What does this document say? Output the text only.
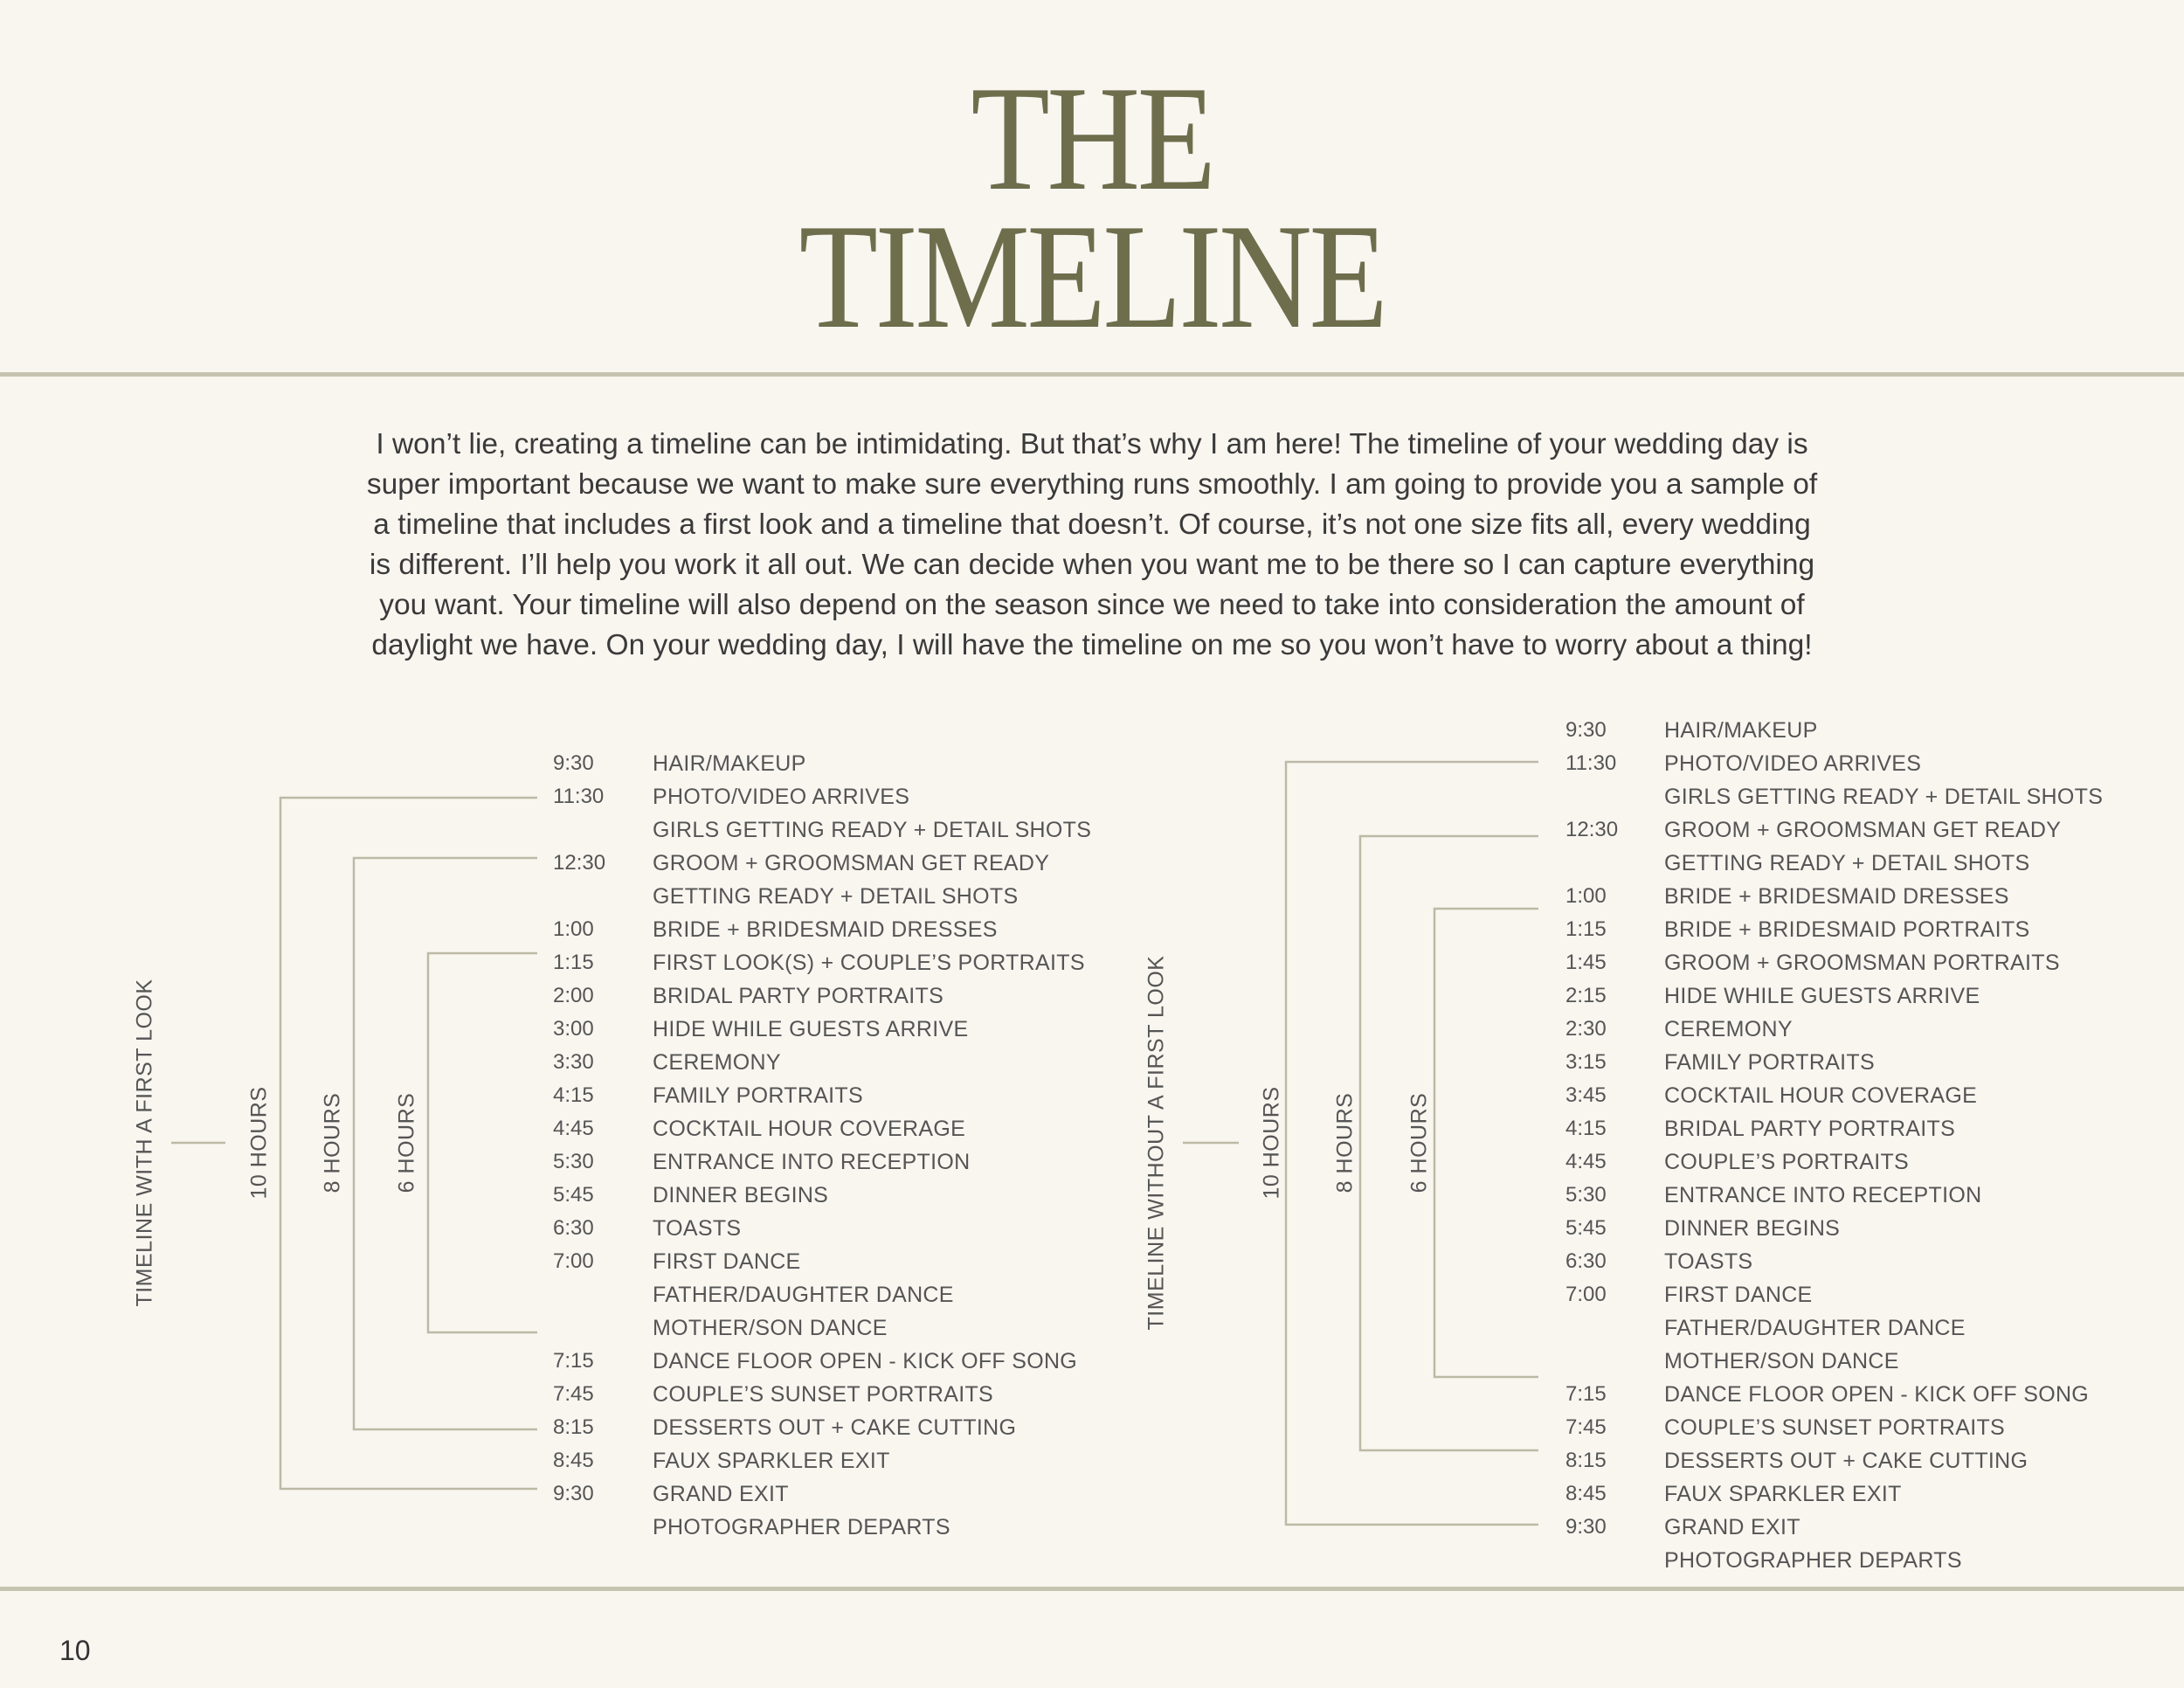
THE
TIMELINE

I won’t lie, creating a timeline can be intimidating. But that’s why I am here! The timeline of your wedding day is
super important because we want to make sure everything runs smoothly. I am going to provide you a sample of
a timeline that includes a first look and a timeline that doesn’t. Of course, it’s not one size fits all, every wedding
is different. I’ll help you work it all out. We can decide when you want me to be there so I can capture everything
you want. Your timeline will also depend on the season since we need to take into consideration the amount of
daylight we have. On your wedding day, I will have the timeline on me so you won’t have to worry about a thing!

TIMELINE WITH A FIRST LOOK	10 HOURS 8 HOURS 6 HOURS	TIMELINE WITHOUT A FIRST LOOK	10 HOURS 8 HOURS 6 HOURS
9:30	HAIR/MAKEUP
11:30 PHOTO/VIDEO ARRIVES
GIRLS GETTING READY + DETAIL SHOTS
12:30 GROOM + GROOMSMAN GET READY
GETTING READY + DETAIL SHOTS
1:00	BRIDE + BRIDESMAID DRESSES
1:15	FIRST LOOK(S) + COUPLE’S PORTRAITS
2:00	BRIDAL PARTY PORTRAITS
3:00	HIDE WHILE GUESTS ARRIVE
3:30	CEREMONY
4:15	FAMILY PORTRAITS
4:45	COCKTAIL HOUR COVERAGE
5:30	ENTRANCE INTO RECEPTION
5:45	DINNER BEGINS
6:30	TOASTS
7:00	FIRST DANCE
FATHER/DAUGHTER DANCE
MOTHER/SON DANCE
7:15	DANCE FLOOR OPEN - KICK OFF SONG
7:45	COUPLE’S SUNSET PORTRAITS
8:15	DESSERTS OUT + CAKE CUTTING
8:45	FAUX SPARKLER EXIT
9:30	GRAND EXIT
PHOTOGRAPHER DEPARTS
9:30	HAIR/MAKEUP
11:30 PHOTO/VIDEO ARRIVES
GIRLS GETTING READY + DETAIL SHOTS
12:30 GROOM + GROOMSMAN GET READY
GETTING READY + DETAIL SHOTS
1:00	BRIDE + BRIDESMAID DRESSES
1:15	BRIDE + BRIDESMAID PORTRAITS
1:45	GROOM + GROOMSMAN PORTRAITS
2:15	HIDE WHILE GUESTS ARRIVE
2:30	CEREMONY
3:15	FAMILY PORTRAITS
3:45	COCKTAIL HOUR COVERAGE
4:15	BRIDAL PARTY PORTRAITS
4:45	COUPLE’S PORTRAITS
5:30	ENTRANCE INTO RECEPTION
5:45	DINNER BEGINS
6:30	TOASTS
7:00	FIRST DANCE
FATHER/DAUGHTER DANCE
MOTHER/SON DANCE
7:15	DANCE FLOOR OPEN - KICK OFF SONG
7:45	COUPLE’S SUNSET PORTRAITS
8:15	DESSERTS OUT + CAKE CUTTING
8:45	FAUX SPARKLER EXIT
9:30	GRAND EXIT
PHOTOGRAPHER DEPARTS
10
